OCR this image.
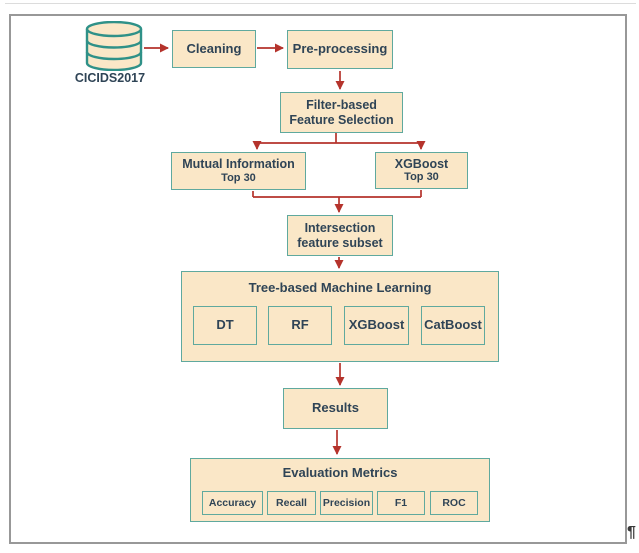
CICIDS2017
Cleaning	Pre-processing
Filter-based
Feature Selection
Mutual Information
Top 30
XGBoost
Top 30
Intersection
feature subset
Tree-based Machine Learning
DT	RF	XGBoost CatBoost
Results
Evaluation Metrics
Accuracy Recall Precision F1	ROC
¶
